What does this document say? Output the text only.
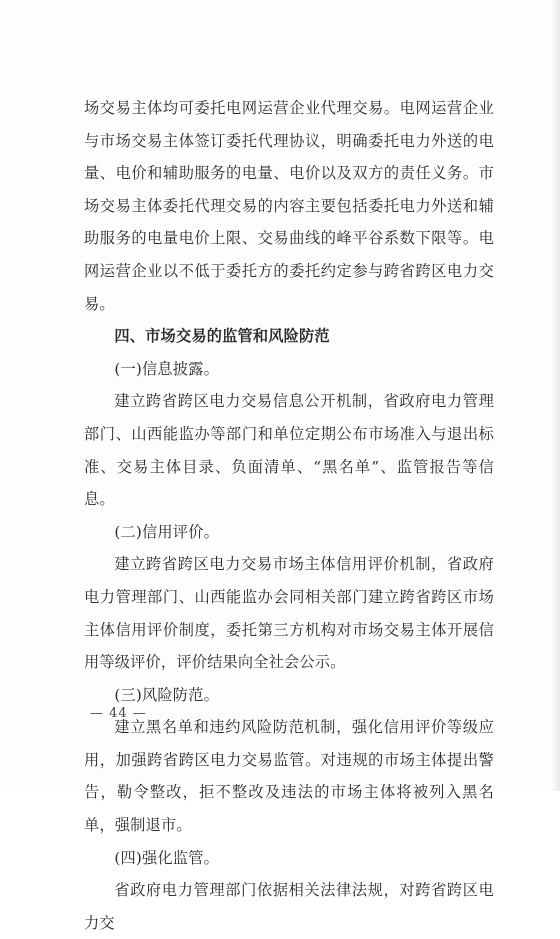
场交易主体均可委托电网运营企业代理交易。电网运营企业与市场交易主体签订委托代理协议，明确委托电力外送的电量、电价和辅助服务的电量、电价以及双方的责任义务。市场交易主体委托代理交易的内容主要包括委托电力外送和辅助服务的电量电价上限、交易曲线的峰平谷系数下限等。电网运营企业以不低于委托方的委托约定参与跨省跨区电力交易。

四、市场交易的监管和风险防范

(一)信息披露。

建立跨省跨区电力交易信息公开机制，省政府电力管理部门、山西能监办等部门和单位定期公布市场准入与退出标准、交易主体目录、负面清单、“黑名单”、监管报告等信息。

(二)信用评价。

建立跨省跨区电力交易市场主体信用评价机制，省政府电力管理部门、山西能监办会同相关部门建立跨省跨区市场主体信用评价制度，委托第三方机构对市场交易主体开展信用等级评价，评价结果向全社会公示。

(三)风险防范。

建立黑名单和违约风险防范机制，强化信用评价等级应用，加强跨省跨区电力交易监管。对违规的市场主体提出警告，勒令整改，拒不整改及违法的市场主体将被列入黑名单，强制退市。

(四)强化监管。

省政府电力管理部门依据相关法律法规，对跨省跨区电力交

— 44 —
